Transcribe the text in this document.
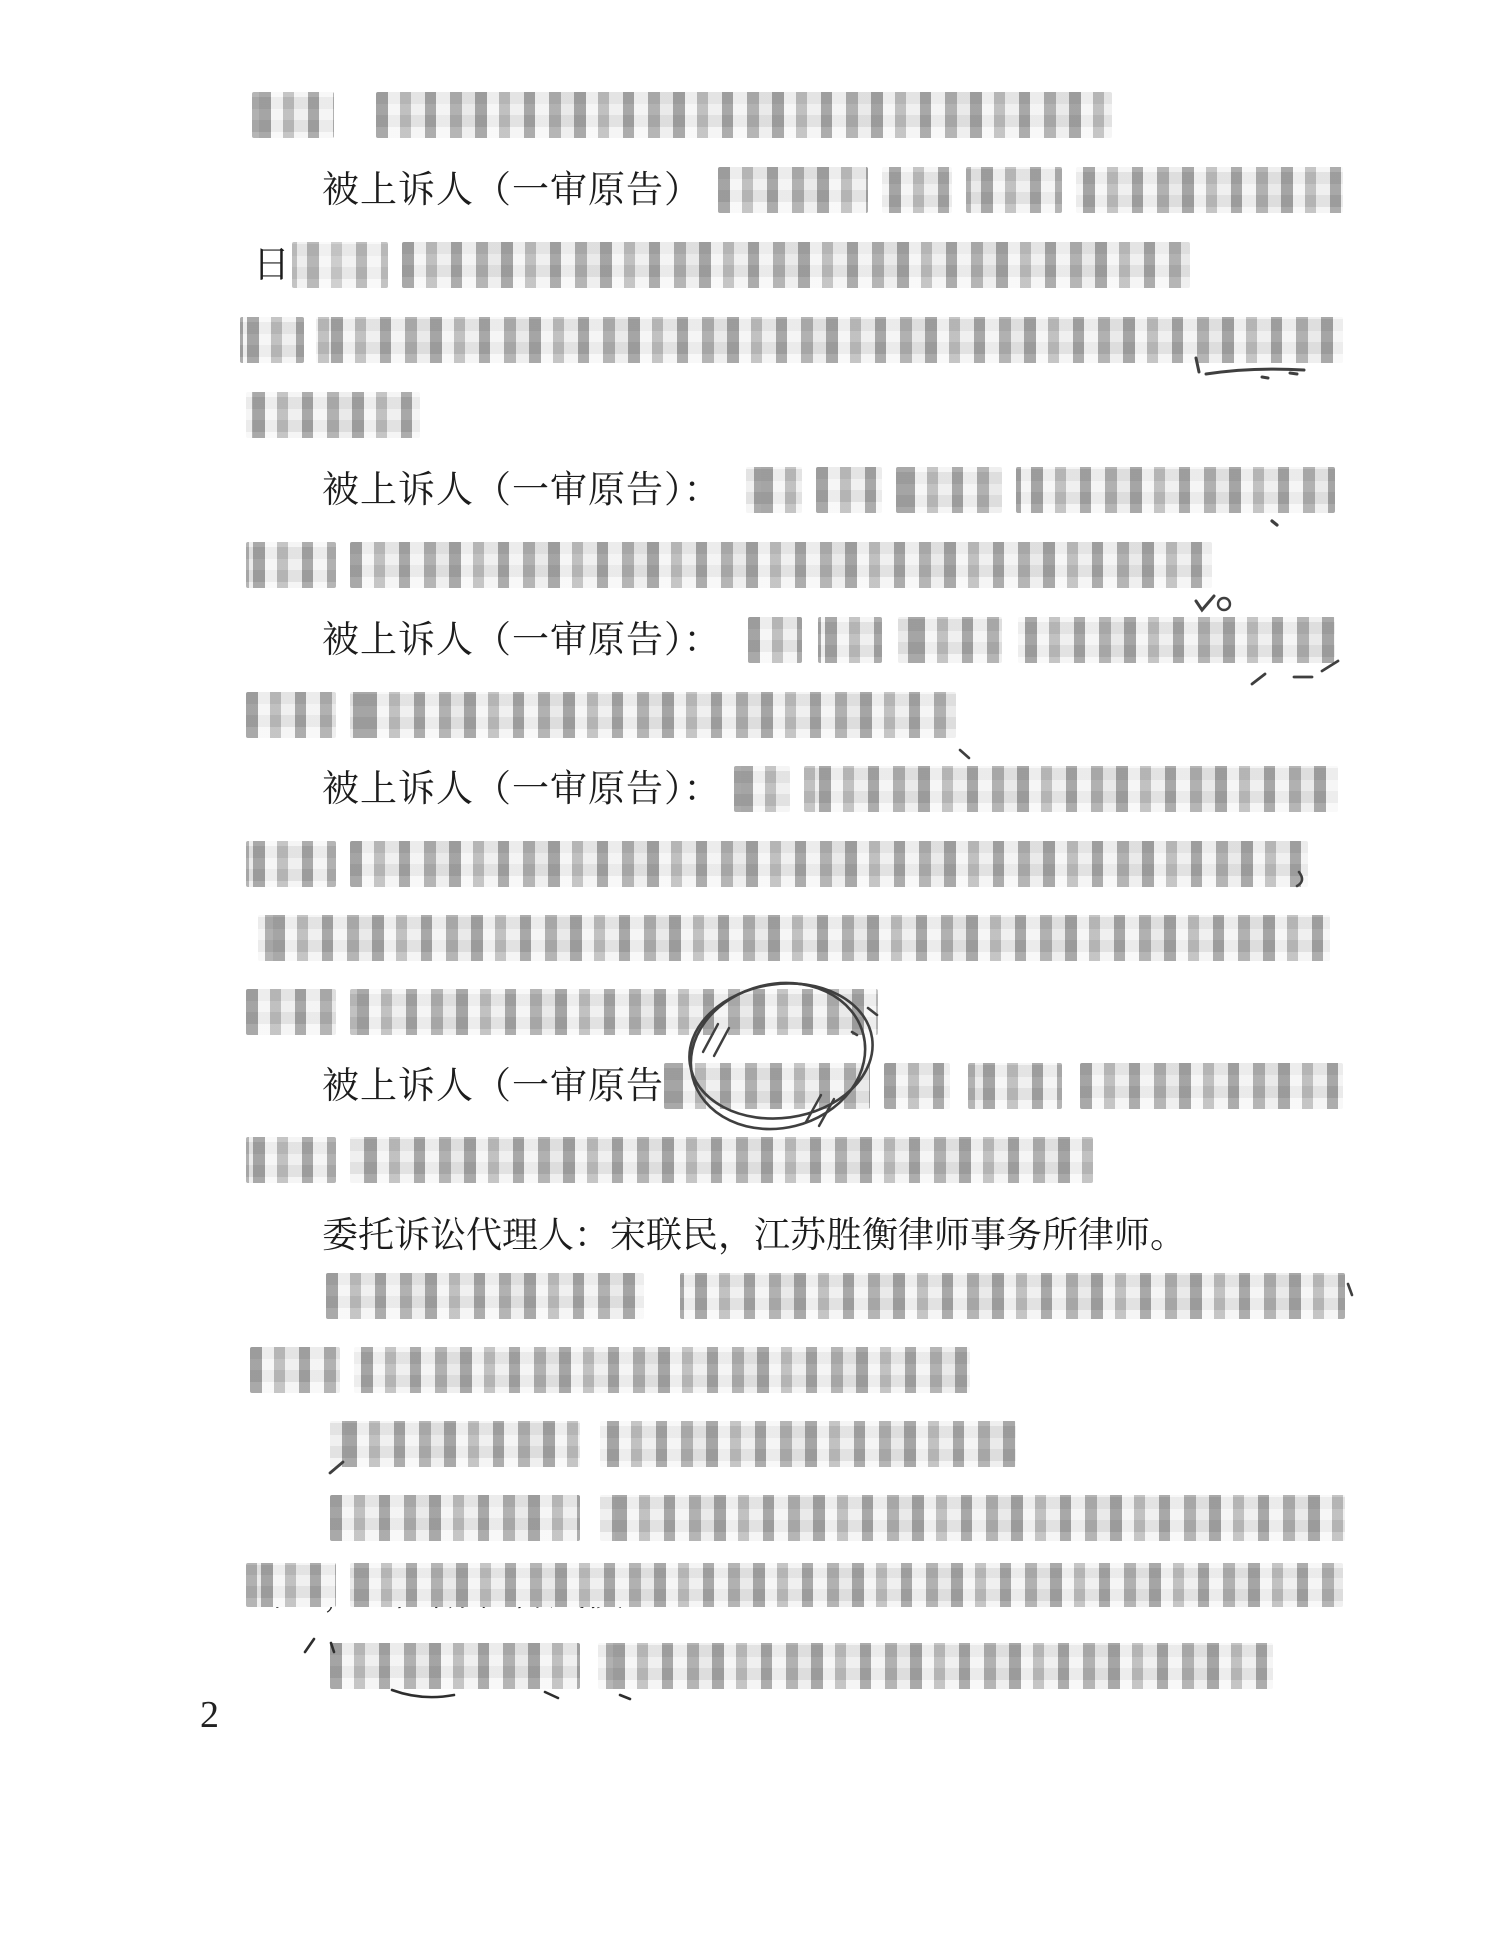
被上诉人（一审原告）
日
被上诉人（一审原告）：
被上诉人（一审原告）：
被上诉人（一审原告）：
被上诉人（一审原告
委托诉讼代理人：宋联民，江苏胜衡律师事务所律师。
2
